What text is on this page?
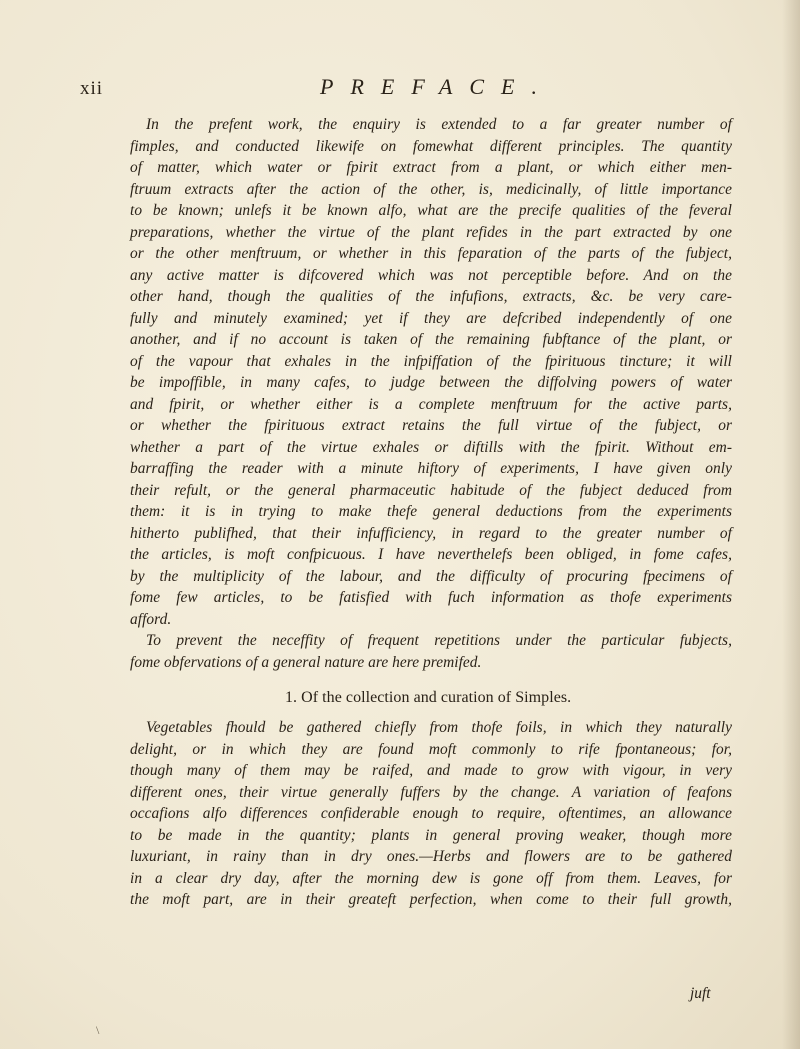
xii	PREFACE.
In the prefent work, the enquiry is extended to a far greater number of
fimples, and conducted likewife on fomewhat different principles. The quantity
of matter, which water or fpirit extract from a plant, or which either men-
ftruum extracts after the action of the other, is, medicinally, of little importance
to be known; unlefs it be known alfo, what are the precife qualities of the feveral
preparations, whether the virtue of the plant refides in the part extracted by one
or the other menftruum, or whether in this feparation of the parts of the fubject,
any active matter is difcovered which was not perceptible before. And on the
other hand, though the qualities of the infufions, extracts, &c. be very care-
fully and minutely examined; yet if they are defcribed independently of one
another, and if no account is taken of the remaining fubftance of the plant, or
of the vapour that exhales in the infpiffation of the fpirituous tincture; it will
be impoffible, in many cafes, to judge between the diffolving powers of water
and fpirit, or whether either is a complete menftruum for the active parts,
or whether the fpirituous extract retains the full virtue of the fubject, or
whether a part of the virtue exhales or diftills with the fpirit. Without em-
barraffing the reader with a minute hiftory of experiments, I have given only
their refult, or the general pharmaceutic habitude of the fubject deduced from
them: it is in trying to make thefe general deductions from the experiments
hitherto publifhed, that their infufficiency, in regard to the greater number of
the articles, is moft confpicuous. I have neverthelefs been obliged, in fome cafes,
by the multiplicity of the labour, and the difficulty of procuring fpecimens of
fome few articles, to be fatisfied with fuch information as thofe experiments
afford.
To prevent the neceffity of frequent repetitions under the particular fubjects,
fome obfervations of a general nature are here premifed.
1. Of the collection and curation of Simples.
Vegetables fhould be gathered chiefly from thofe foils, in which they naturally
delight, or in which they are found moft commonly to rife fpontaneous; for,
though many of them may be raifed, and made to grow with vigour, in very
different ones, their virtue generally fuffers by the change. A variation of feafons
occafions alfo differences confiderable enough to require, oftentimes, an allowance
to be made in the quantity; plants in general proving weaker, though more
luxuriant, in rainy than in dry ones.—Herbs and flowers are to be gathered
in a clear dry day, after the morning dew is gone off from them. Leaves, for
the moft part, are in their greateft perfection, when come to their full growth,
juft
\
